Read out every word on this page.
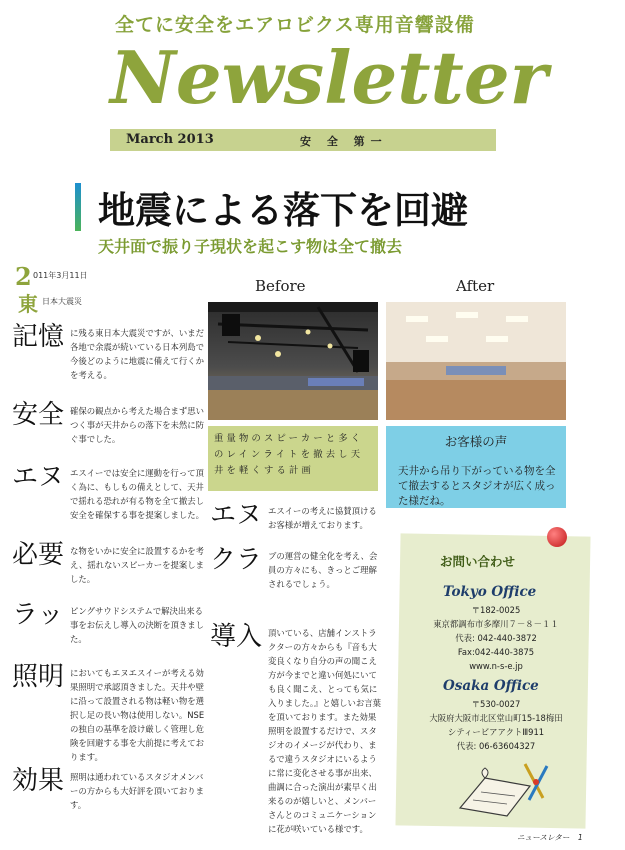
全てに安全をエアロビクス専用音響設備
Newsletter
March 2013	安 全 第一
地震による落下を回避
天井面で振り子現状を起こす物は全て撤去
2 011年3月11日
東 日本大震災
記憶 に残る東日本大震災ですが、いまだ各地で余震が続いている日本列島で今後どのように地震に備えて行くかを考える。
安全 確保の観点から考えた場合まず思いつく事が天井からの落下を未然に防ぐ事でした。
エヌ エスイーでは安全に運動を行って頂く為に、もしもの備えとして、天井で揺れる恐れが有る物を全て撤去し安全を確保する事を提案しました。
必要 な物をいかに安全に設置するかを考え、揺れないスピーカーを提案しました。
ラッ ピングサウドシステムで解決出来る事をお伝えし導入の決断を頂きました。
照明 においてもエヌエスイーが考える効果照明で承認頂きました。天井や壁に沿って設置される物は軽い物を選択し足の長い物は使用しない。NSEの独自の基準を設け厳しく管理し危険を回避する事を大前提に考えております。
効果 照明は通われているスタジオメンバーの方からも大好評を頂いております。
Before	After
重量物のスピーカーと多くのレインライトを撤去し天井を軽くする計画
お客様の声
天井から吊り下がっている物を全て撤去するとスタジオが広く成った様だね。
エヌ エスイーの考えに協賛頂けるお客様が増えております。
クラ ブの運営の健全化を考え、会員の方々にも、きっとご理解されるでしょう。
導入 頂いている、店舗インストラクターの方々からも『音も大変良くなり自分の声の聞こえ方が今までと違い何処にいても良く聞こえ、とっても気に入りました。』と嬉しいお言葉を頂いております。また効果照明を設置するだけで、スタジオのイメージが代わり、まるで違うスタジオにいるように常に変化させる事が出来、曲調に合った演出が素早く出来るのが嬉しいと、メンバーさんとのコミュニケーションに花が咲いている様です。
お問い合わせ
Tokyo Office
〒182-0025
東京都調布市多摩川７－８－１１
代表: 042-440-3872
Fax:042-440-3875
www.n-s-e.jp
Osaka Office
〒530-0027
大阪府大阪市北区堂山町15-18梅田
シティービアアクトⅢ911
代表: 06-63604327
ニュースレター 1
